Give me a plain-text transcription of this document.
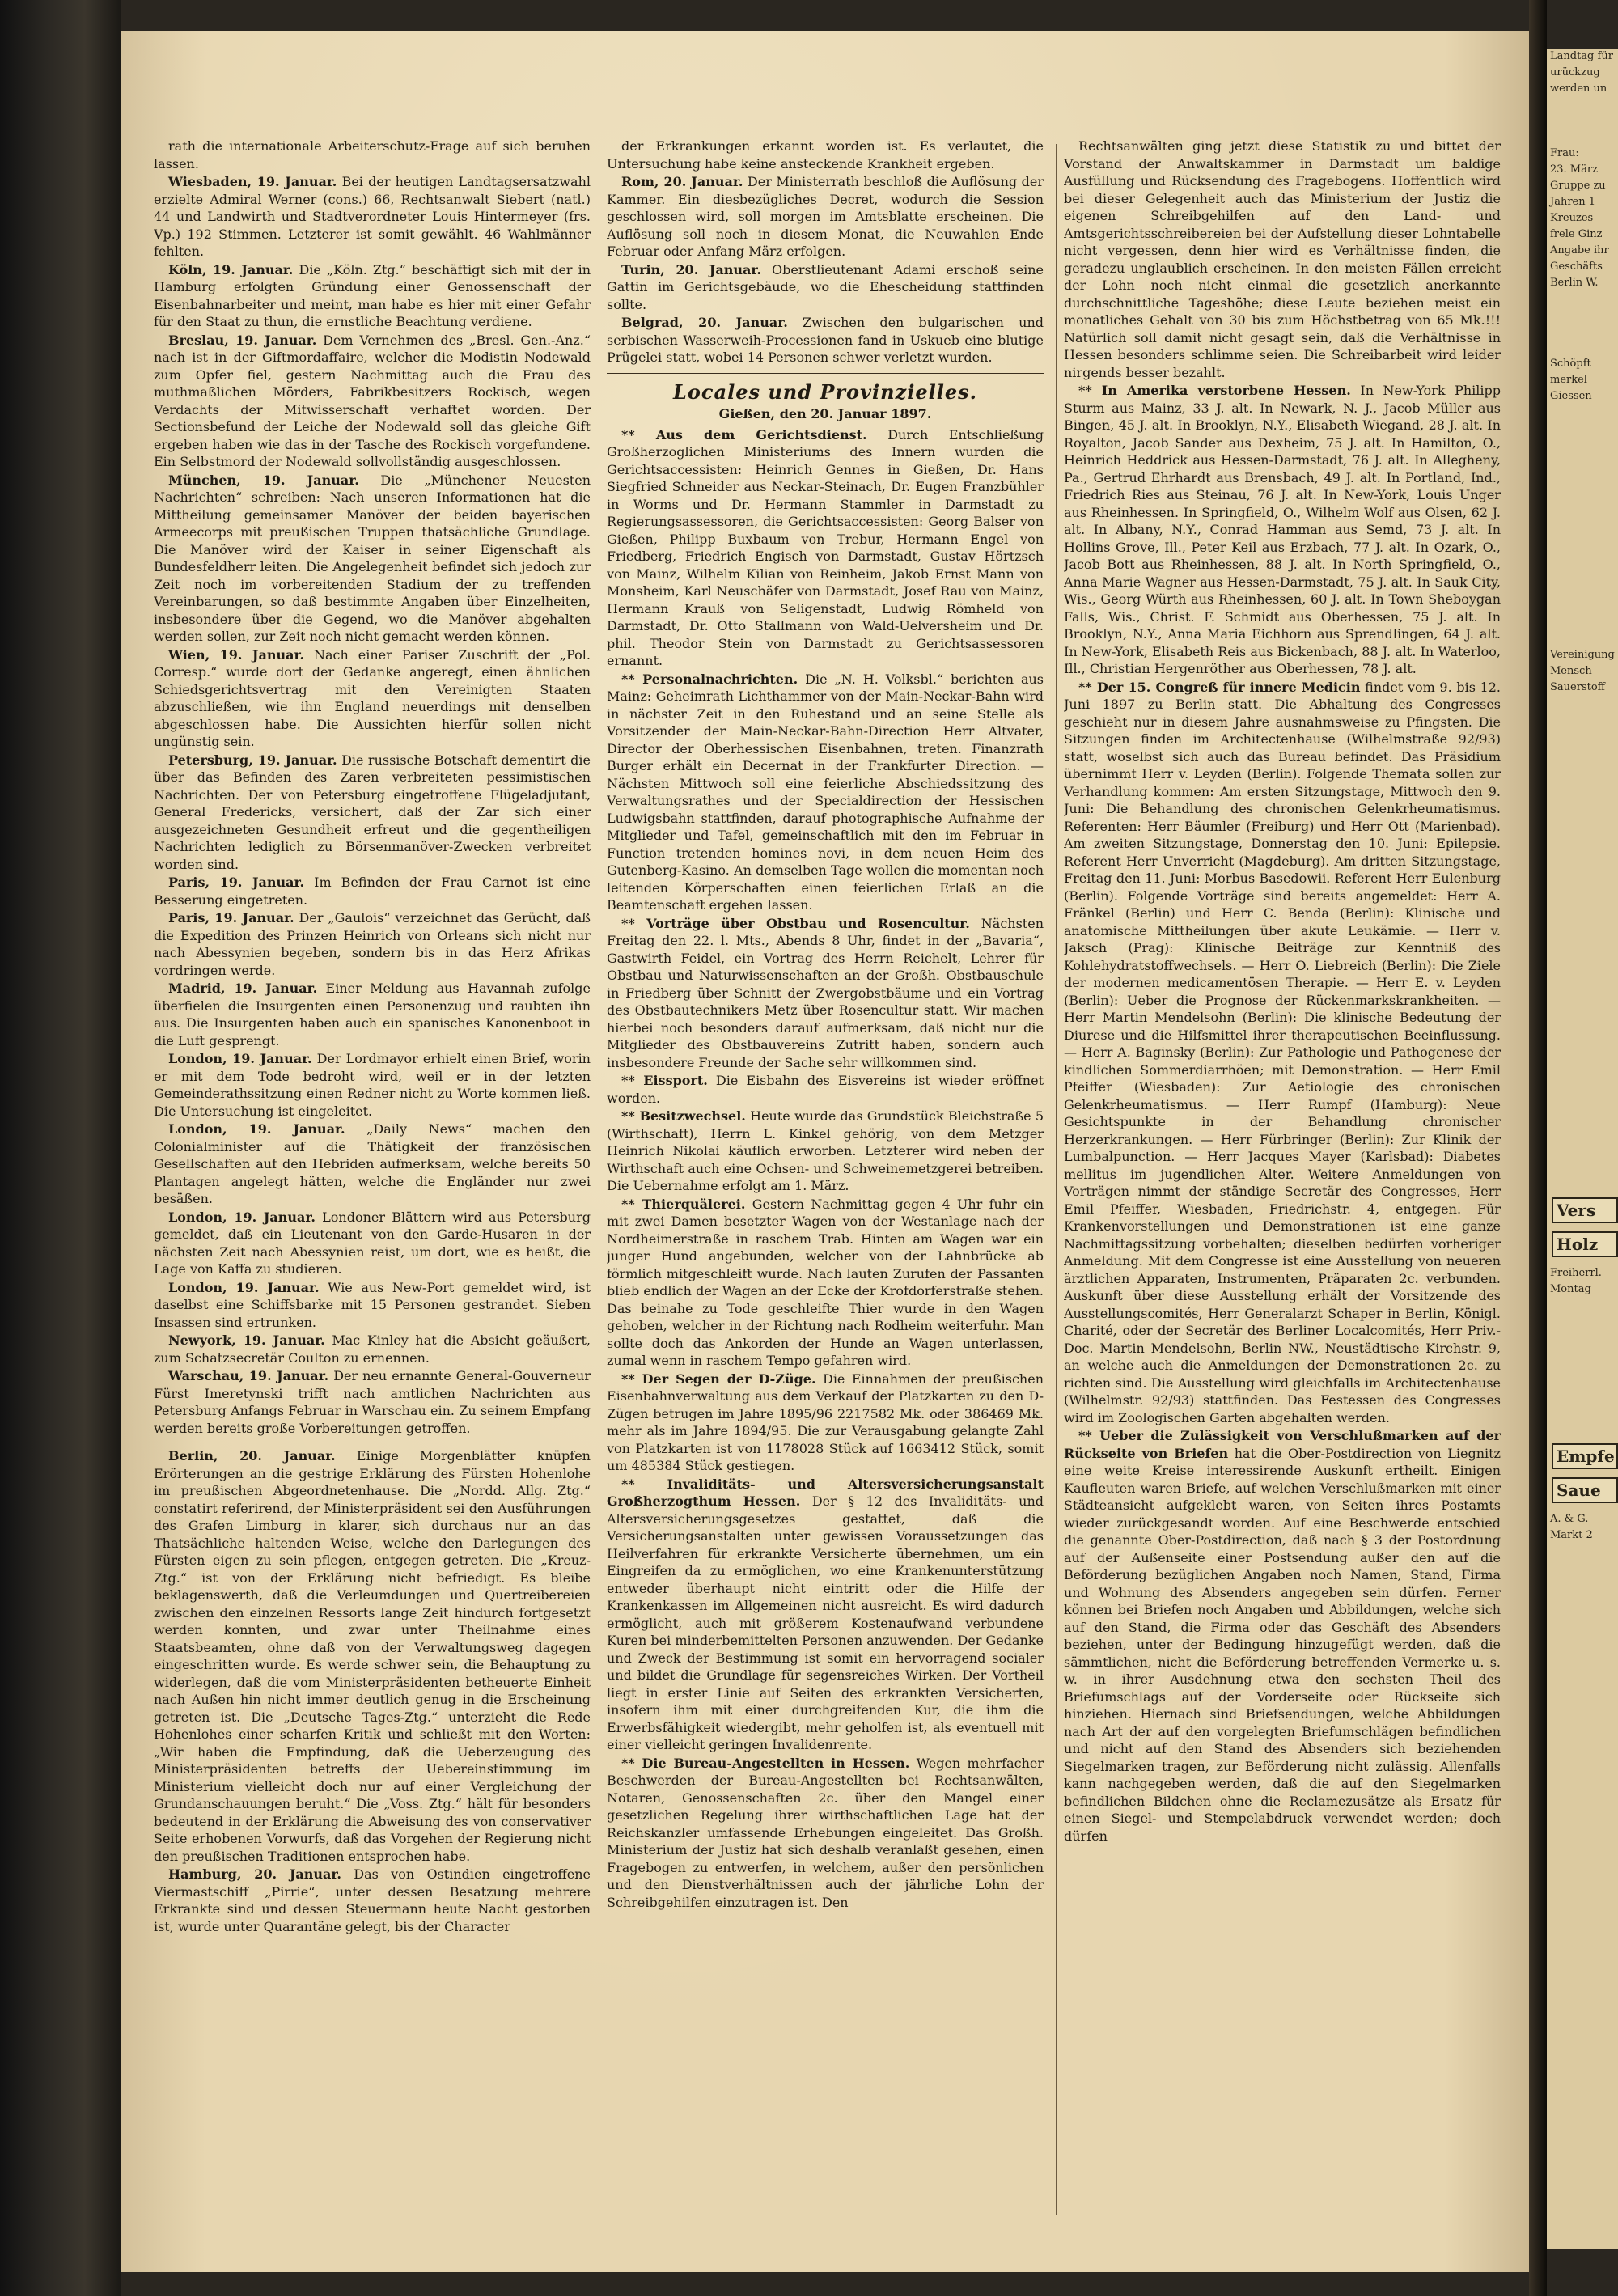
rath die internationale Arbeiterschutz-Frage auf sich beruhen lassen.

Wiesbaden, 19. Januar. Bei der heutigen Landtagsersatzwahl erzielte Admiral Werner (cons.) 66, Rechtsanwalt Siebert (natl.) 44 und Landwirth und Stadtverordneter Louis Hintermeyer (frs. Vp.) 192 Stimmen. Letzterer ist somit gewählt. 46 Wahlmänner fehlten.

Köln, 19. Januar. Die „Köln. Ztg.“ beschäftigt sich mit der in Hamburg erfolgten Gründung einer Genossenschaft der Eisenbahnarbeiter und meint, man habe es hier mit einer Gefahr für den Staat zu thun, die ernstliche Beachtung verdiene.

Breslau, 19. Januar. Dem Vernehmen des „Bresl. Gen.-Anz.“ nach ist in der Giftmordaffaire, welcher die Modistin Nodewald zum Opfer fiel, gestern Nachmittag auch die Frau des muthmaßlichen Mörders, Fabrikbesitzers Rockisch, wegen Verdachts der Mitwisserschaft verhaftet worden. Der Sectionsbefund der Leiche der Nodewald soll das gleiche Gift ergeben haben wie das in der Tasche des Rockisch vorgefundene. Ein Selbstmord der Nodewald sollvollständig ausgeschlossen.

München, 19. Januar. Die „Münchener Neuesten Nachrichten“ schreiben: Nach unseren Informationen hat die Mittheilung gemeinsamer Manöver der beiden bayerischen Armeecorps mit preußischen Truppen thatsächliche Grundlage. Die Manöver wird der Kaiser in seiner Eigenschaft als Bundesfeldherr leiten. Die Angelegenheit befindet sich jedoch zur Zeit noch im vorbereitenden Stadium der zu treffenden Vereinbarungen, so daß bestimmte Angaben über Einzelheiten, insbesondere über die Gegend, wo die Manöver abgehalten werden sollen, zur Zeit noch nicht gemacht werden können.

Wien, 19. Januar. Nach einer Pariser Zuschrift der „Pol. Corresp.“ wurde dort der Gedanke angeregt, einen ähnlichen Schiedsgerichtsvertrag mit den Vereinigten Staaten abzuschließen, wie ihn England neuerdings mit denselben abgeschlossen habe. Die Aussichten hierfür sollen nicht ungünstig sein.

Petersburg, 19. Januar. Die russische Botschaft dementirt die über das Befinden des Zaren verbreiteten pessimistischen Nachrichten. Der von Petersburg eingetroffene Flügeladjutant, General Fredericks, versichert, daß der Zar sich einer ausgezeichneten Gesundheit erfreut und die gegentheiligen Nachrichten lediglich zu Börsenmanöver-Zwecken verbreitet worden sind.

Paris, 19. Januar. Im Befinden der Frau Carnot ist eine Besserung eingetreten.

Paris, 19. Januar. Der „Gaulois“ verzeichnet das Gerücht, daß die Expedition des Prinzen Heinrich von Orleans sich nicht nur nach Abessynien begeben, sondern bis in das Herz Afrikas vordringen werde.

Madrid, 19. Januar. Einer Meldung aus Havannah zufolge überfielen die Insurgenten einen Personenzug und raubten ihn aus. Die Insurgenten haben auch ein spanisches Kanonenboot in die Luft gesprengt.

London, 19. Januar. Der Lordmayor erhielt einen Brief, worin er mit dem Tode bedroht wird, weil er in der letzten Gemeinderathssitzung einen Redner nicht zu Worte kommen ließ. Die Untersuchung ist eingeleitet.

London, 19. Januar. „Daily News“ machen den Colonialminister auf die Thätigkeit der französischen Gesellschaften auf den Hebriden aufmerksam, welche bereits 50 Plantagen angelegt hätten, welche die Engländer nur zwei besäßen.

London, 19. Januar. Londoner Blättern wird aus Petersburg gemeldet, daß ein Lieutenant von den Garde-Husaren in der nächsten Zeit nach Abessynien reist, um dort, wie es heißt, die Lage von Kaffa zu studieren.

London, 19. Januar. Wie aus New-Port gemeldet wird, ist daselbst eine Schiffsbarke mit 15 Personen gestrandet. Sieben Insassen sind ertrunken.

Newyork, 19. Januar. Mac Kinley hat die Absicht geäußert, zum Schatzsecretär Coulton zu ernennen.

Warschau, 19. Januar. Der neu ernannte General-Gouverneur Fürst Imeretynski trifft nach amtlichen Nachrichten aus Petersburg Anfangs Februar in Warschau ein. Zu seinem Empfang werden bereits große Vorbereitungen getroffen.

Berlin, 20. Januar. Einige Morgenblätter knüpfen Erörterungen an die gestrige Erklärung des Fürsten Hohenlohe im preußischen Abgeordnetenhause. Die „Nordd. Allg. Ztg.“ constatirt referirend, der Ministerpräsident sei den Ausführungen des Grafen Limburg in klarer, sich durchaus nur an das Thatsächliche haltenden Weise, welche den Darlegungen des Fürsten eigen zu sein pflegen, entgegen getreten. Die „Kreuz-Ztg.“ ist von der Erklärung nicht befriedigt. Es bleibe beklagenswerth, daß die Verleumdungen und Quertreibereien zwischen den einzelnen Ressorts lange Zeit hindurch fortgesetzt werden konnten, und zwar unter Theilnahme eines Staatsbeamten, ohne daß von der Verwaltungsweg dagegen eingeschritten wurde. Es werde schwer sein, die Behauptung zu widerlegen, daß die vom Ministerpräsidenten betheuerte Einheit nach Außen hin nicht immer deutlich genug in die Erscheinung getreten ist. Die „Deutsche Tages-Ztg.“ unterzieht die Rede Hohenlohes einer scharfen Kritik und schließt mit den Worten: „Wir haben die Empfindung, daß die Ueberzeugung des Ministerpräsidenten betreffs der Uebereinstimmung im Ministerium vielleicht doch nur auf einer Vergleichung der Grundanschauungen beruht.“ Die „Voss. Ztg.“ hält für besonders bedeutend in der Erklärung die Abweisung des von conservativer Seite erhobenen Vorwurfs, daß das Vorgehen der Regierung nicht den preußischen Traditionen entsprochen habe.

Hamburg, 20. Januar. Das von Ostindien eingetroffene Viermastschiff „Pirrie“, unter dessen Besatzung mehrere Erkrankte sind und dessen Steuermann heute Nacht gestorben ist, wurde unter Quarantäne gelegt, bis der Character

der Erkrankungen erkannt worden ist. Es verlautet, die Untersuchung habe keine ansteckende Krankheit ergeben.

Rom, 20. Januar. Der Ministerrath beschloß die Auflösung der Kammer. Ein diesbezügliches Decret, wodurch die Session geschlossen wird, soll morgen im Amtsblatte erscheinen. Die Auflösung soll noch in diesem Monat, die Neuwahlen Ende Februar oder Anfang März erfolgen.

Turin, 20. Januar. Oberstlieutenant Adami erschoß seine Gattin im Gerichtsgebäude, wo die Ehescheidung stattfinden sollte.

Belgrad, 20. Januar. Zwischen den bulgarischen und serbischen Wasserweih-Processionen fand in Uskueb eine blutige Prügelei statt, wobei 14 Personen schwer verletzt wurden.

Locales und Provinzielles.
Gießen, den 20. Januar 1897.

** Aus dem Gerichtsdienst. Durch Entschließung Großherzoglichen Ministeriums des Innern wurden die Gerichtsaccessisten: Heinrich Gennes in Gießen, Dr. Hans Siegfried Schneider aus Neckar-Steinach, Dr. Eugen Franzbühler in Worms und Dr. Hermann Stammler in Darmstadt zu Regierungsassessoren, die Gerichtsaccessisten: Georg Balser von Gießen, Philipp Buxbaum von Trebur, Hermann Engel von Friedberg, Friedrich Engisch von Darmstadt, Gustav Hörtzsch von Mainz, Wilhelm Kilian von Reinheim, Jakob Ernst Mann von Monsheim, Karl Neuschäfer von Darmstadt, Josef Rau von Mainz, Hermann Krauß von Seligenstadt, Ludwig Römheld von Darmstadt, Dr. Otto Stallmann von Wald-Uelversheim und Dr. phil. Theodor Stein von Darmstadt zu Gerichtsassessoren ernannt.

** Personalnachrichten. Die „N. H. Volksbl.“ berichten aus Mainz: Geheimrath Lichthammer von der Main-Neckar-Bahn wird in nächster Zeit in den Ruhestand und an seine Stelle als Vorsitzender der Main-Neckar-Bahn-Direction Herr Altvater, Director der Oberhessischen Eisenbahnen, treten. Finanzrath Burger erhält ein Decernat in der Frankfurter Direction. — Nächsten Mittwoch soll eine feierliche Abschiedssitzung des Verwaltungsrathes und der Specialdirection der Hessischen Ludwigsbahn stattfinden, darauf photographische Aufnahme der Mitglieder und Tafel, gemeinschaftlich mit den im Februar in Function tretenden homines novi, in dem neuen Heim des Gutenberg-Kasino. An demselben Tage wollen die momentan noch leitenden Körperschaften einen feierlichen Erlaß an die Beamtenschaft ergehen lassen.

** Vorträge über Obstbau und Rosencultur. Nächsten Freitag den 22. l. Mts., Abends 8 Uhr, findet in der „Bavaria“, Gastwirth Feidel, ein Vortrag des Herrn Reichelt, Lehrer für Obstbau und Naturwissenschaften an der Großh. Obstbauschule in Friedberg über Schnitt der Zwergobstbäume und ein Vortrag des Obstbautechnikers Metz über Rosencultur statt. Wir machen hierbei noch besonders darauf aufmerksam, daß nicht nur die Mitglieder des Obstbauvereins Zutritt haben, sondern auch insbesondere Freunde der Sache sehr willkommen sind.

** Eissport. Die Eisbahn des Eisvereins ist wieder eröffnet worden.

** Besitzwechsel. Heute wurde das Grundstück Bleichstraße 5 (Wirthschaft), Herrn L. Kinkel gehörig, von dem Metzger Heinrich Nikolai käuflich erworben. Letzterer wird neben der Wirthschaft auch eine Ochsen- und Schweinemetzgerei betreiben. Die Uebernahme erfolgt am 1. März.

** Thierquälerei. Gestern Nachmittag gegen 4 Uhr fuhr ein mit zwei Damen besetzter Wagen von der Westanlage nach der Nordheimerstraße in raschem Trab. Hinten am Wagen war ein junger Hund angebunden, welcher von der Lahnbrücke ab förmlich mitgeschleift wurde. Nach lauten Zurufen der Passanten blieb endlich der Wagen an der Ecke der Krofdorferstraße stehen. Das beinahe zu Tode geschleifte Thier wurde in den Wagen gehoben, welcher in der Richtung nach Rodheim weiterfuhr. Man sollte doch das Ankorden der Hunde an Wagen unterlassen, zumal wenn in raschem Tempo gefahren wird.

** Der Segen der D-Züge. Die Einnahmen der preußischen Eisenbahnverwaltung aus dem Verkauf der Platzkarten zu den D-Zügen betrugen im Jahre 1895/96 2217582 Mk. oder 386469 Mk. mehr als im Jahre 1894/95. Die zur Verausgabung gelangte Zahl von Platzkarten ist von 1178028 Stück auf 1663412 Stück, somit um 485384 Stück gestiegen.

** Invaliditäts- und Altersversicherungsanstalt Großherzogthum Hessen. Der § 12 des Invaliditäts- und Altersversicherungsgesetzes gestattet, daß die Versicherungsanstalten unter gewissen Voraussetzungen das Heilverfahren für erkrankte Versicherte übernehmen, um ein Eingreifen da zu ermöglichen, wo eine Krankenunterstützung entweder überhaupt nicht eintritt oder die Hilfe der Krankenkassen im Allgemeinen nicht ausreicht. Es wird dadurch ermöglicht, auch mit größerem Kostenaufwand verbundene Kuren bei minderbemittelten Personen anzuwenden. Der Gedanke und Zweck der Bestimmung ist somit ein hervorragend socialer und bildet die Grundlage für segensreiches Wirken. Der Vortheil liegt in erster Linie auf Seiten des erkrankten Versicherten, insofern ihm mit einer durchgreifenden Kur, die ihm die Erwerbsfähigkeit wiedergibt, mehr geholfen ist, als eventuell mit einer vielleicht geringen Invalidenrente.

** Die Bureau-Angestellten in Hessen. Wegen mehrfacher Beschwerden der Bureau-Angestellten bei Rechtsanwälten, Notaren, Genossenschaften 2c. über den Mangel einer gesetzlichen Regelung ihrer wirthschaftlichen Lage hat der Reichskanzler umfassende Erhebungen eingeleitet. Das Großh. Ministerium der Justiz hat sich deshalb veranlaßt gesehen, einen Fragebogen zu entwerfen, in welchem, außer den persönlichen und den Dienstverhältnissen auch der jährliche Lohn der Schreibgehilfen einzutragen ist. Den

Rechtsanwälten ging jetzt diese Statistik zu und bittet der Vorstand der Anwaltskammer in Darmstadt um baldige Ausfüllung und Rücksendung des Fragebogens. Hoffentlich wird bei dieser Gelegenheit auch das Ministerium der Justiz die eigenen Schreibgehilfen auf den Land- und Amtsgerichtsschreibereien bei der Aufstellung dieser Lohntabelle nicht vergessen, denn hier wird es Verhältnisse finden, die geradezu unglaublich erscheinen. In den meisten Fällen erreicht der Lohn noch nicht einmal die gesetzlich anerkannte durchschnittliche Tageshöhe; diese Leute beziehen meist ein monatliches Gehalt von 30 bis zum Höchstbetrag von 65 Mk.!!! Natürlich soll damit nicht gesagt sein, daß die Verhältnisse in Hessen besonders schlimme seien. Die Schreibarbeit wird leider nirgends besser bezahlt.

** In Amerika verstorbene Hessen. In New-York Philipp Sturm aus Mainz, 33 J. alt. In Newark, N. J., Jacob Müller aus Bingen, 45 J. alt. In Brooklyn, N.Y., Elisabeth Wiegand, 28 J. alt. In Royalton, Jacob Sander aus Dexheim, 75 J. alt. In Hamilton, O., Heinrich Heddrick aus Hessen-Darmstadt, 76 J. alt. In Allegheny, Pa., Gertrud Ehrhardt aus Brensbach, 49 J. alt. In Portland, Ind., Friedrich Ries aus Steinau, 76 J. alt. In New-York, Louis Unger aus Rheinhessen. In Springfield, O., Wilhelm Wolf aus Olsen, 62 J. alt. In Albany, N.Y., Conrad Hamman aus Semd, 73 J. alt. In Hollins Grove, Ill., Peter Keil aus Erzbach, 77 J. alt. In Ozark, O., Jacob Bott aus Rheinhessen, 88 J. alt. In North Springfield, O., Anna Marie Wagner aus Hessen-Darmstadt, 75 J. alt. In Sauk City, Wis., Georg Würth aus Rheinhessen, 60 J. alt. In Town Sheboygan Falls, Wis., Christ. F. Schmidt aus Oberhessen, 75 J. alt. In Brooklyn, N.Y., Anna Maria Eichhorn aus Sprendlingen, 64 J. alt. In New-York, Elisabeth Reis aus Bickenbach, 88 J. alt. In Waterloo, Ill., Christian Hergenröther aus Oberhessen, 78 J. alt.

** Der 15. Congreß für innere Medicin findet vom 9. bis 12. Juni 1897 zu Berlin statt. Die Abhaltung des Congresses geschieht nur in diesem Jahre ausnahmsweise zu Pfingsten. Die Sitzungen finden im Architectenhause (Wilhelmstraße 92/93) statt, woselbst sich auch das Bureau befindet. Das Präsidium übernimmt Herr v. Leyden (Berlin). Folgende Themata sollen zur Verhandlung kommen: Am ersten Sitzungstage, Mittwoch den 9. Juni: Die Behandlung des chronischen Gelenkrheumatismus. Referenten: Herr Bäumler (Freiburg) und Herr Ott (Marienbad). Am zweiten Sitzungstage, Donnerstag den 10. Juni: Epilepsie. Referent Herr Unverricht (Magdeburg). Am dritten Sitzungstage, Freitag den 11. Juni: Morbus Basedowii. Referent Herr Eulenburg (Berlin). Folgende Vorträge sind bereits angemeldet: Herr A. Fränkel (Berlin) und Herr C. Benda (Berlin): Klinische und anatomische Mittheilungen über akute Leukämie. — Herr v. Jaksch (Prag): Klinische Beiträge zur Kenntniß des Kohlehydratstoffwechsels. — Herr O. Liebreich (Berlin): Die Ziele der modernen medicamentösen Therapie. — Herr E. v. Leyden (Berlin): Ueber die Prognose der Rückenmarkskrankheiten. — Herr Martin Mendelsohn (Berlin): Die klinische Bedeutung der Diurese und die Hilfsmittel ihrer therapeutischen Beeinflussung. — Herr A. Baginsky (Berlin): Zur Pathologie und Pathogenese der kindlichen Sommerdiarrhöen; mit Demonstration. — Herr Emil Pfeiffer (Wiesbaden): Zur Aetiologie des chronischen Gelenkrheumatismus. — Herr Rumpf (Hamburg): Neue Gesichtspunkte in der Behandlung chronischer Herzerkrankungen. — Herr Fürbringer (Berlin): Zur Klinik der Lumbalpunction. — Herr Jacques Mayer (Karlsbad): Diabetes mellitus im jugendlichen Alter. Weitere Anmeldungen von Vorträgen nimmt der ständige Secretär des Congresses, Herr Emil Pfeiffer, Wiesbaden, Friedrichstr. 4, entgegen. Für Krankenvorstellungen und Demonstrationen ist eine ganze Nachmittagssitzung vorbehalten; dieselben bedürfen vorheriger Anmeldung. Mit dem Congresse ist eine Ausstellung von neueren ärztlichen Apparaten, Instrumenten, Präparaten 2c. verbunden. Auskunft über diese Ausstellung erhält der Vorsitzende des Ausstellungscomités, Herr Generalarzt Schaper in Berlin, Königl. Charité, oder der Secretär des Berliner Localcomités, Herr Priv.-Doc. Martin Mendelsohn, Berlin NW., Neustädtische Kirchstr. 9, an welche auch die Anmeldungen der Demonstrationen 2c. zu richten sind. Die Ausstellung wird gleichfalls im Architectenhause (Wilhelmstr. 92/93) stattfinden. Das Festessen des Congresses wird im Zoologischen Garten abgehalten werden.

** Ueber die Zulässigkeit von Verschlußmarken auf der Rückseite von Briefen hat die Ober-Postdirection von Liegnitz eine weite Kreise interessirende Auskunft ertheilt. Einigen Kaufleuten waren Briefe, auf welchen Verschlußmarken mit einer Städteansicht aufgeklebt waren, von Seiten ihres Postamts wieder zurückgesandt worden. Auf eine Beschwerde entschied die genannte Ober-Postdirection, daß nach § 3 der Postordnung auf der Außenseite einer Postsendung außer den auf die Beförderung bezüglichen Angaben noch Namen, Stand, Firma und Wohnung des Absenders angegeben sein dürfen. Ferner können bei Briefen noch Angaben und Abbildungen, welche sich auf den Stand, die Firma oder das Geschäft des Absenders beziehen, unter der Bedingung hinzugefügt werden, daß die sämmtlichen, nicht die Beförderung betreffenden Vermerke u. s. w. in ihrer Ausdehnung etwa den sechsten Theil des Briefumschlags auf der Vorderseite oder Rückseite sich hinziehen. Hiernach sind Briefsendungen, welche Abbildungen nach Art der auf den vorgelegten Briefumschlägen befindlichen und nicht auf den Stand des Absenders sich beziehenden Siegelmarken tragen, zur Beförderung nicht zulässig. Allenfalls kann nachgegeben werden, daß die auf den Siegelmarken befindlichen Bildchen ohne die Reclamezusätze als Ersatz für einen Siegel- und Stempelabdruck verwendet werden; doch dürfen

Landtag für
urückzug
werden un
Frau:
23. März
Gruppe zu
Jahren 1
Kreuzes
frele Ginz
Angabe ihr
Geschäfts
Berlin W.
Schöpft
merkel
Giessen
Vereinigung
Mensch
Sauerstoff
Vers
Holz
Freiherrl.
Montag
Empfe
Saue
A. & G.
Markt 2
